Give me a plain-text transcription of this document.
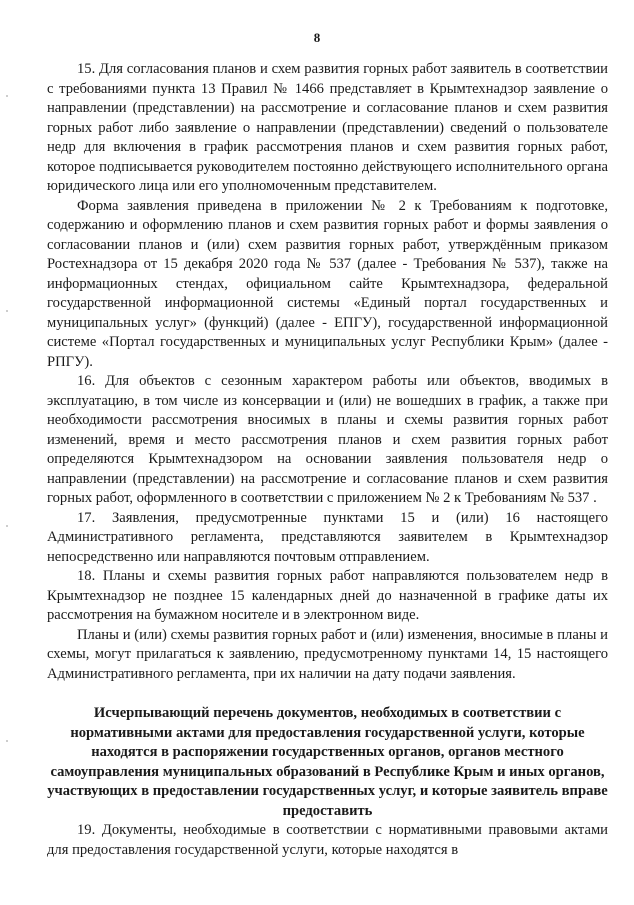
8

15. Для согласования планов и схем развития горных работ заявитель в соответствии с требованиями пункта 13 Правил № 1466 представляет в Крымтехнадзор заявление о направлении (представлении) на рассмотрение и согласование планов и схем развития горных работ либо заявление о направлении (представлении) сведений о пользователе недр для включения в график рассмотрения планов и схем развития горных работ, которое подписывается руководителем постоянно действующего исполнительного органа юридического лица или его уполномоченным представителем.

Форма заявления приведена в приложении № 2 к Требованиям к подготовке, содержанию и оформлению планов и схем развития горных работ и формы заявления о согласовании планов и (или) схем развития горных работ, утверждённым приказом Ростехнадзора от 15 декабря 2020 года № 537 (далее - Требования № 537), также на информационных стендах, официальном сайте Крымтехнадзора, федеральной государственной информационной системы «Единый портал государственных и муниципальных услуг» (функций) (далее - ЕПГУ), государственной информационной системе «Портал государственных и муниципальных услуг Республики Крым» (далее - РПГУ).

16. Для объектов с сезонным характером работы или объектов, вводимых в эксплуатацию, в том числе из консервации и (или) не вошедших в график, а также при необходимости рассмотрения вносимых в планы и схемы развития горных работ изменений, время и место рассмотрения планов и схем развития горных работ определяются Крымтехнадзором на основании заявления пользователя недр о направлении (представлении) на рассмотрение и согласование планов и схем развития горных работ, оформленного в соответствии с приложением № 2 к Требованиям № 537 .

17. Заявления, предусмотренные пунктами 15 и (или) 16 настоящего Административного регламента, представляются заявителем в Крымтехнадзор непосредственно или направляются почтовым отправлением.

18. Планы и схемы развития горных работ направляются пользователем недр в Крымтехнадзор не позднее 15 календарных дней до назначенной в графике даты их рассмотрения на бумажном носителе и в электронном виде.

Планы и (или) схемы развития горных работ и (или) изменения, вносимые в планы и схемы, могут прилагаться к заявлению, предусмотренному пунктами 14, 15 настоящего Административного регламента, при их наличии на дату подачи заявления.

Исчерпывающий перечень документов, необходимых в соответствии с нормативными актами для предоставления государственной услуги, которые находятся в распоряжении государственных органов, органов местного самоуправления муниципальных образований в Республике Крым и иных органов, участвующих в предоставлении государственных услуг, и которые заявитель вправе предоставить

19. Документы, необходимые в соответствии с нормативными правовыми актами для предоставления государственной услуги, которые находятся в
